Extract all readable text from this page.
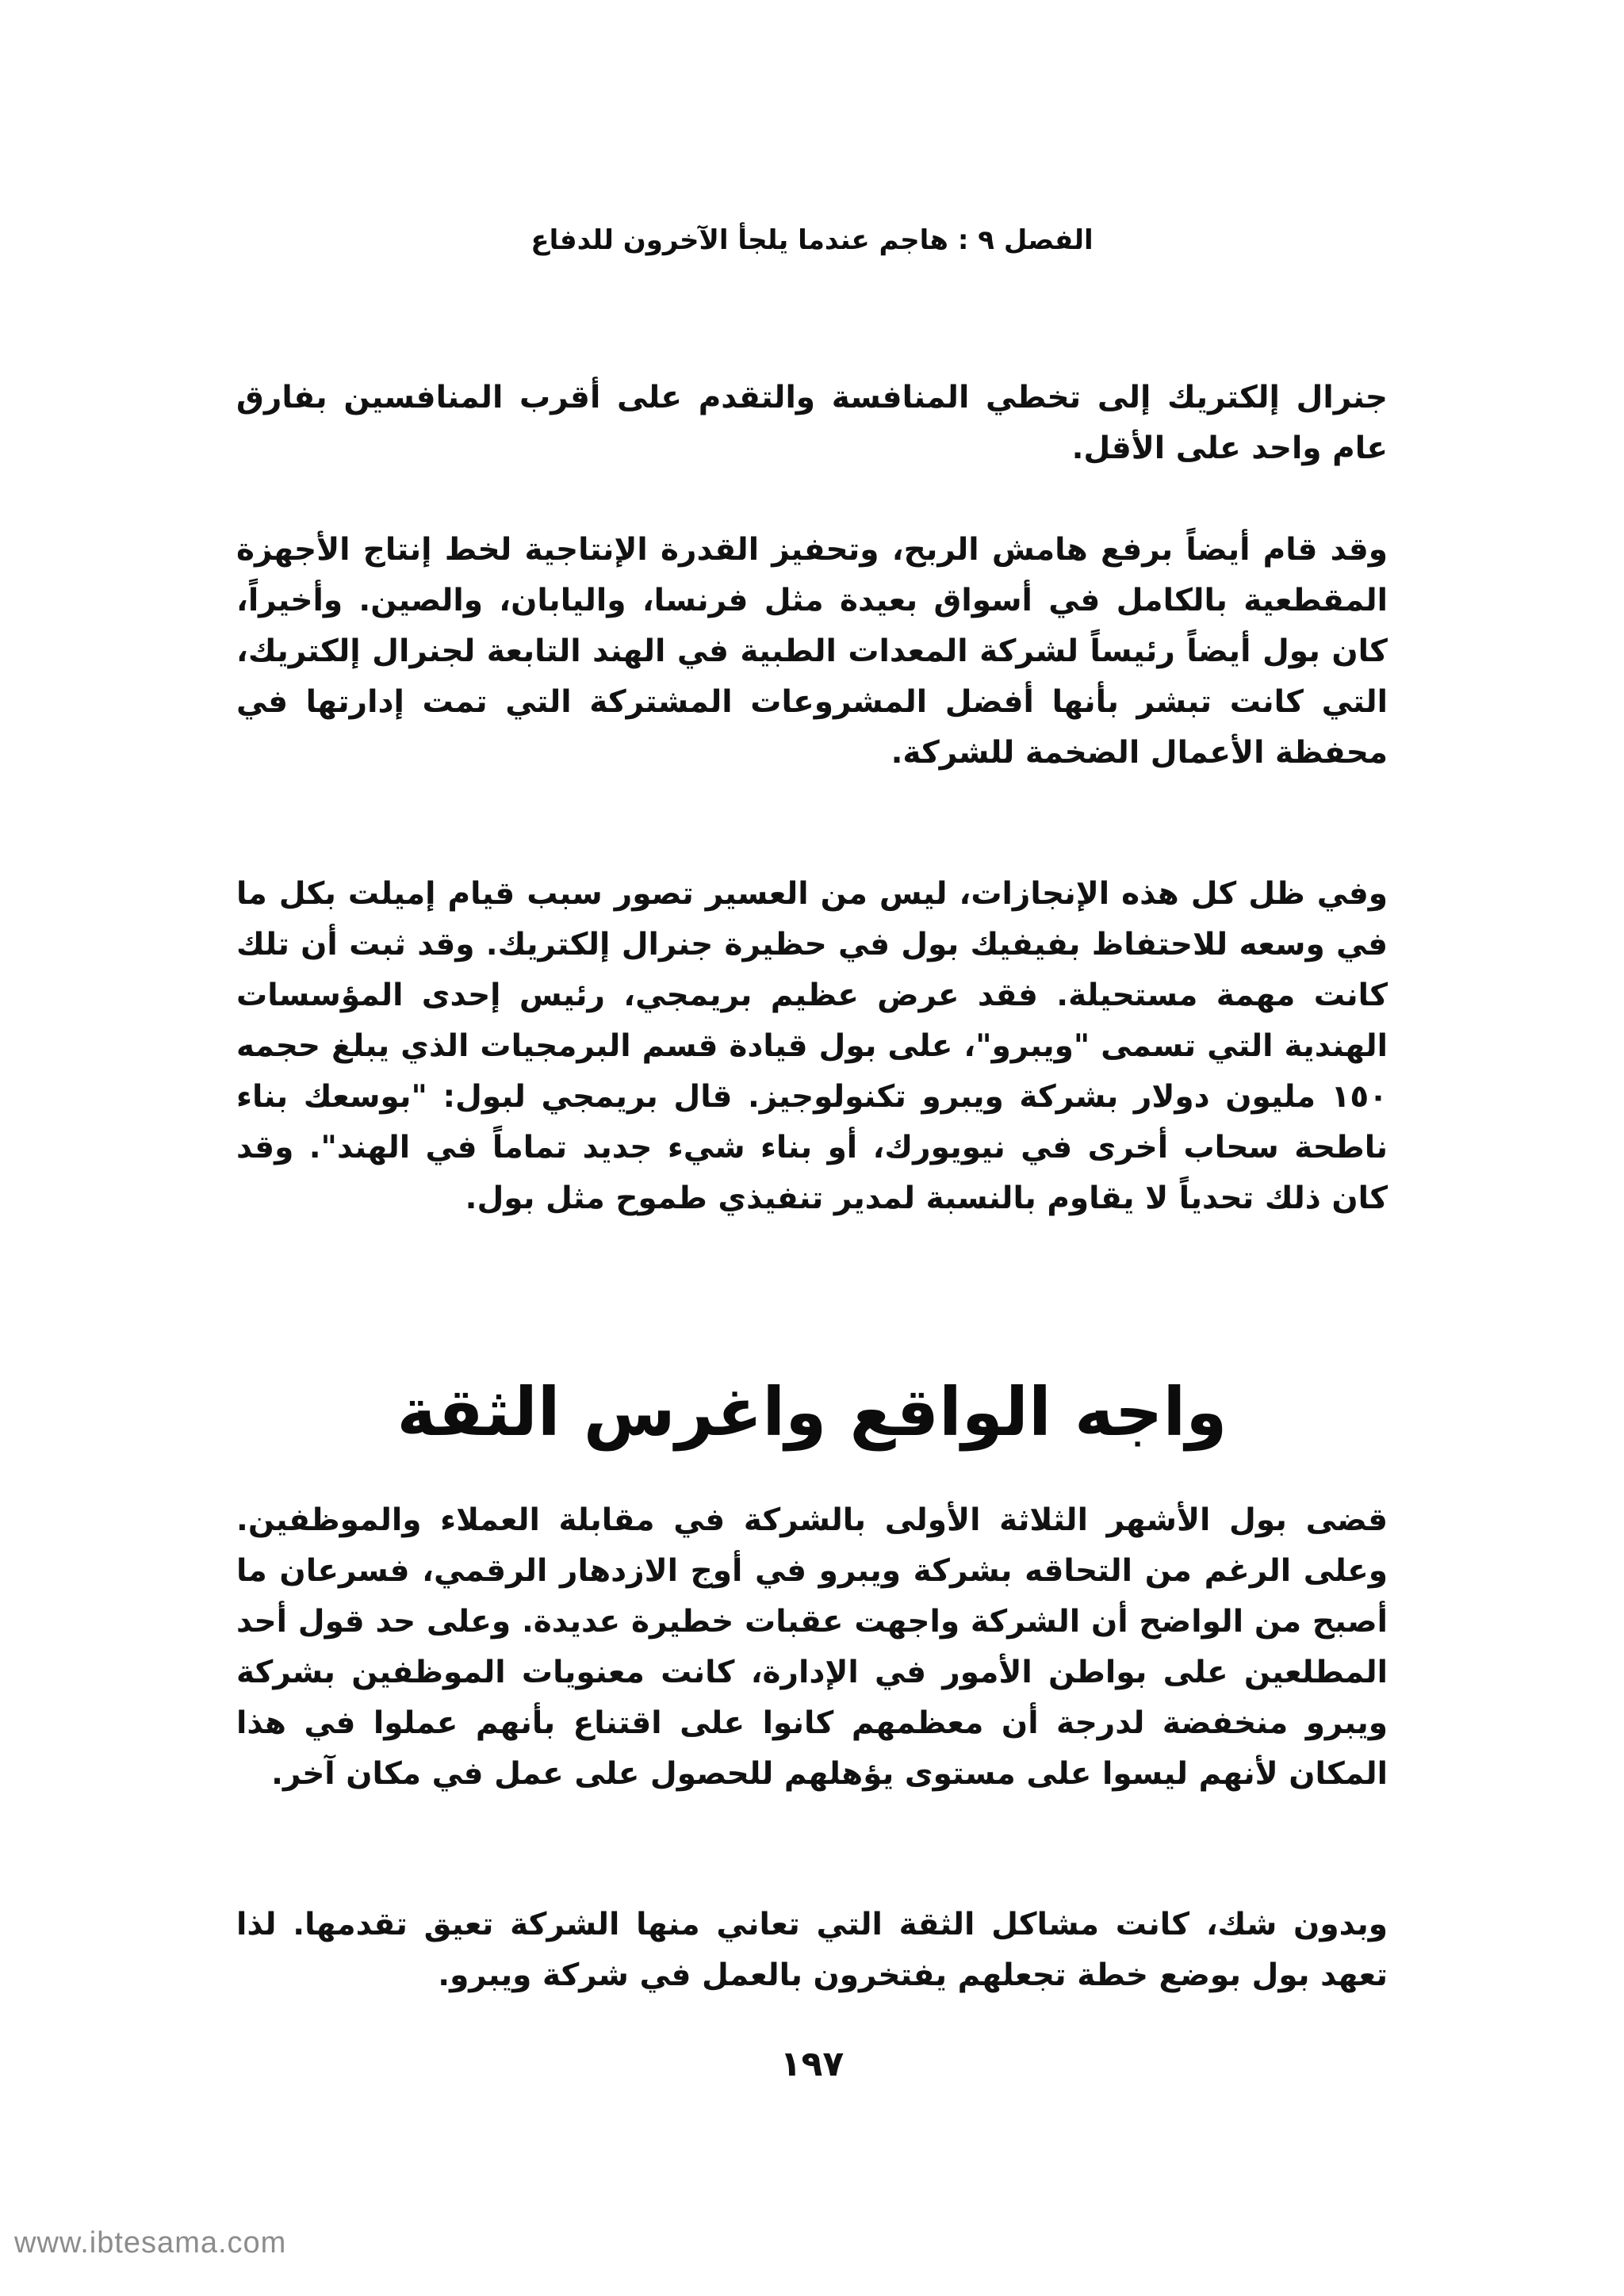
الفصل ٩ : هاجم عندما يلجأ الآخرون للدفاع

جنرال إلكتريك إلى تخطي المنافسة والتقدم على أقرب المنافسين بفارق عام واحد على الأقل.

وقد قام أيضاً برفع هامش الربح، وتحفيز القدرة الإنتاجية لخط إنتاج الأجهزة المقطعية بالكامل في أسواق بعيدة مثل فرنسا، واليابان، والصين. وأخيراً، كان بول أيضاً رئيساً لشركة المعدات الطبية في الهند التابعة لجنرال إلكتريك، التي كانت تبشر بأنها أفضل المشروعات المشتركة التي تمت إدارتها في محفظة الأعمال الضخمة للشركة.

وفي ظل كل هذه الإنجازات، ليس من العسير تصور سبب قيام إميلت بكل ما في وسعه للاحتفاظ بفيفيك بول في حظيرة جنرال إلكتريك. وقد ثبت أن تلك كانت مهمة مستحيلة. فقد عرض عظيم بريمجي، رئيس إحدى المؤسسات الهندية التي تسمى "ويبرو"، على بول قيادة قسم البرمجيات الذي يبلغ حجمه ١٥٠ مليون دولار بشركة ويبرو تكنولوجيز. قال بريمجي لبول: "بوسعك بناء ناطحة سحاب أخرى في نيويورك، أو بناء شيء جديد تماماً في الهند". وقد كان ذلك تحدياً لا يقاوم بالنسبة لمدير تنفيذي طموح مثل بول.

واجه الواقع واغرس الثقة

قضى بول الأشهر الثلاثة الأولى بالشركة في مقابلة العملاء والموظفين. وعلى الرغم من التحاقه بشركة ويبرو في أوج الازدهار الرقمي، فسرعان ما أصبح من الواضح أن الشركة واجهت عقبات خطيرة عديدة. وعلى حد قول أحد المطلعين على بواطن الأمور في الإدارة، كانت معنويات الموظفين بشركة ويبرو منخفضة لدرجة أن معظمهم كانوا على اقتناع بأنهم عملوا في هذا المكان لأنهم ليسوا على مستوى يؤهلهم للحصول على عمل في مكان آخر.

وبدون شك، كانت مشاكل الثقة التي تعاني منها الشركة تعيق تقدمها. لذا تعهد بول بوضع خطة تجعلهم يفتخرون بالعمل في شركة ويبرو.

١٩٧
www.ibtesama.com
